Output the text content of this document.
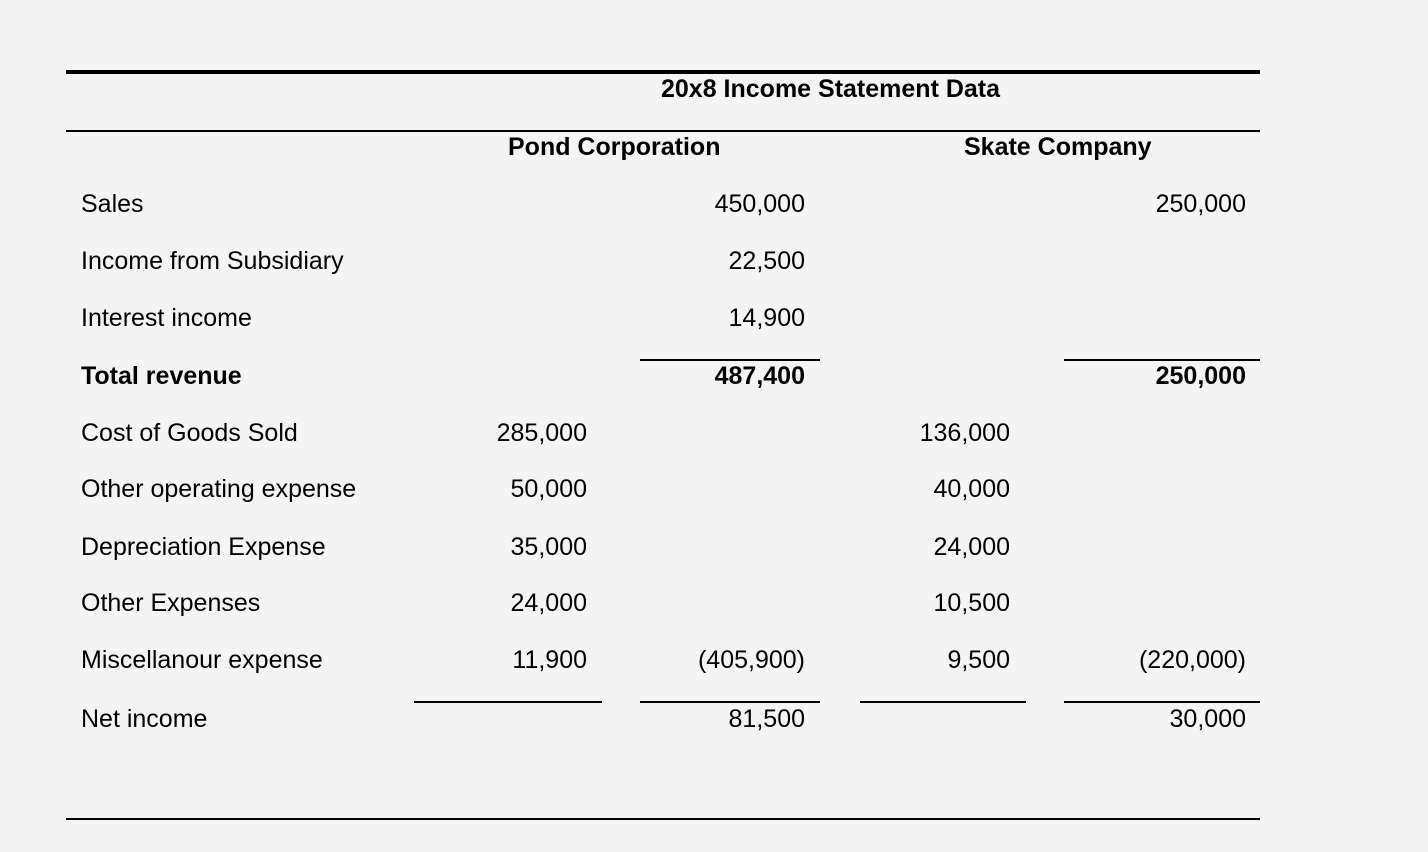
20x8 Income Statement Data
Pond Corporation	Skate Company
Sales	450,000	250,000
Income from Subsidiary	22,500
Interest income	14,900
Total revenue	487,400	250,000
Cost of Goods Sold	285,000	136,000
Other operating expense	50,000	40,000
Depreciation Expense	35,000	24,000
Other Expenses	24,000	10,500
Miscellanour expense	11,900	(405,900)	9,500	(220,000)
Net income	81,500	30,000
